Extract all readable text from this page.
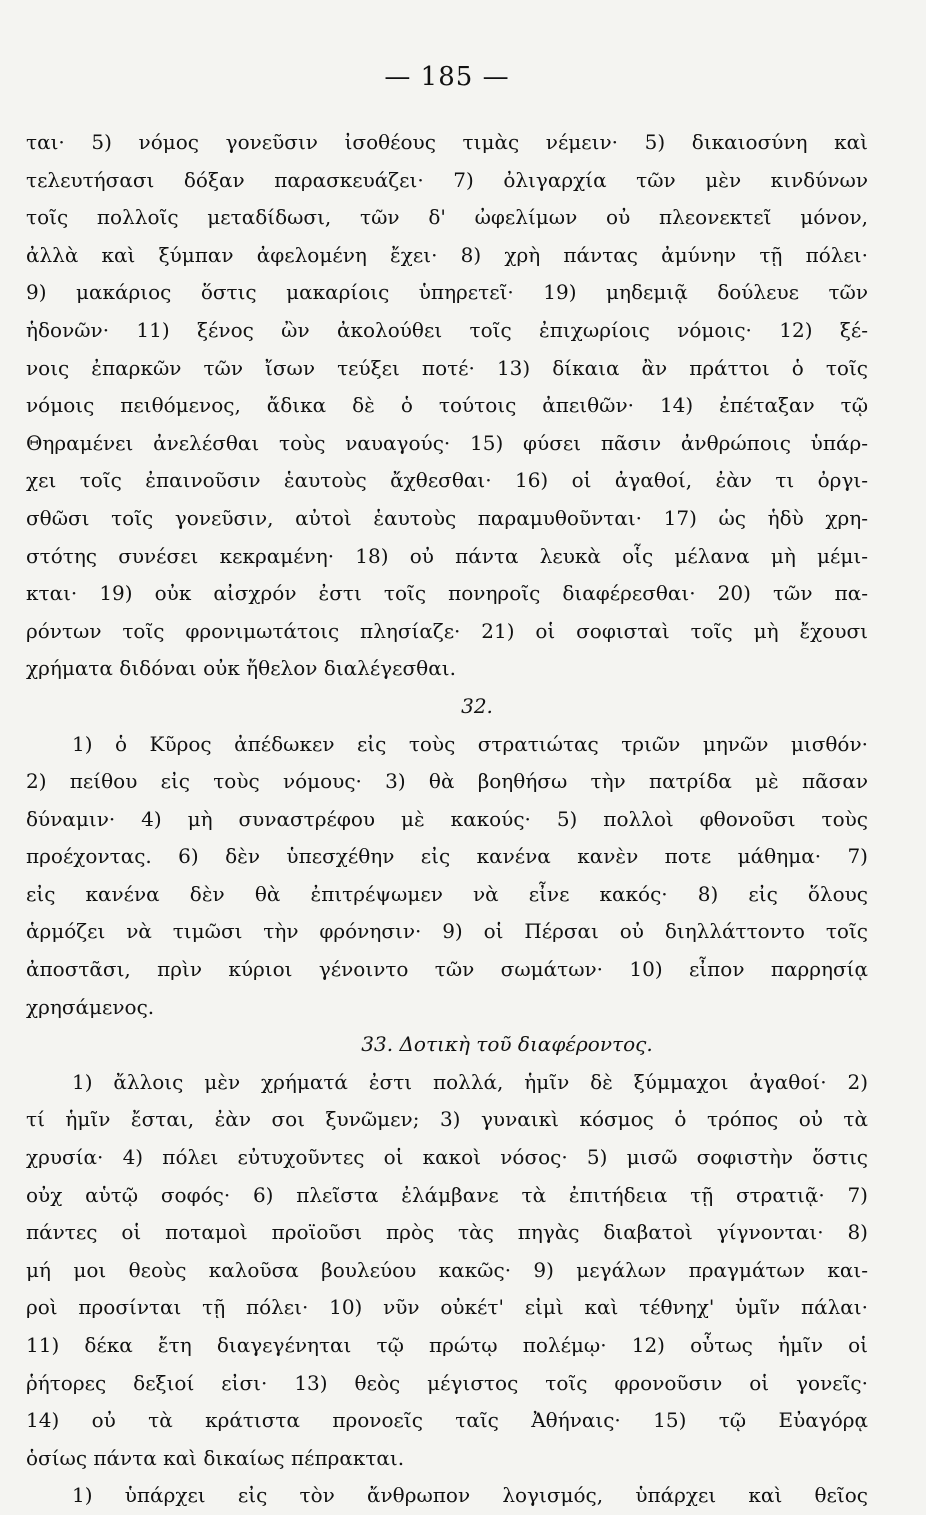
— 185 —
ται· 5) νόμος γονεῦσιν ἰσοθέους τιμὰς νέμειν· 5) δικαιοσύνη καὶ
τελευτήσασι δόξαν παρασκευάζει· 7) ὀλιγαρχία τῶν μὲν κινδύνων
τοῖς πολλοῖς μεταδίδωσι, τῶν δ' ὠφελίμων οὐ πλεονεκτεῖ μόνον,
ἀλλὰ καὶ ξύμπαν ἀφελομένη ἔχει· 8) χρὴ πάντας ἀμύνην τῇ πόλει·
9) μακάριος ὅστις μακαρίοις ὑπηρετεῖ· 19) μηδεμιᾷ δούλευε τῶν
ἡδονῶν· 11) ξένος ὢν ἀκολούθει τοῖς ἐπιχωρίοις νόμοις· 12) ξέ-
νοις ἐπαρκῶν τῶν ἴσων τεύξει ποτέ· 13) δίκαια ἂν πράττοι ὁ τοῖς
νόμοις πειθόμενος, ἄδικα δὲ ὁ τούτοις ἀπειθῶν· 14) ἐπέταξαν τῷ
Θηραμένει ἀνελέσθαι τοὺς ναυαγούς· 15) φύσει πᾶσιν ἀνθρώποις ὑπάρ-
χει τοῖς ἐπαινοῦσιν ἑαυτοὺς ἄχθεσθαι· 16) οἱ ἀγαθοί, ἐὰν τι ὀργι-
σθῶσι τοῖς γονεῦσιν, αὐτοὶ ἑαυτοὺς παραμυθοῦνται· 17) ὡς ἡδὺ χρη-
στότης συνέσει κεκραμένη· 18) οὐ πάντα λευκὰ οἷς μέλανα μὴ μέμι-
κται· 19) οὐκ αἰσχρόν ἐστι τοῖς πονηροῖς διαφέρεσθαι· 20) τῶν πα-
ρόντων τοῖς φρονιμωτάτοις πλησίαζε· 21) οἱ σοφισταὶ τοῖς μὴ ἔχουσι
χρήματα διδόναι οὐκ ἤθελον διαλέγεσθαι.
32.
1) ὁ Κῦρος ἀπέδωκεν εἰς τοὺς στρατιώτας τριῶν μηνῶν μισθόν·
2) πείθου εἰς τοὺς νόμους· 3) θὰ βοηθήσω τὴν πατρίδα μὲ πᾶσαν
δύναμιν· 4) μὴ συναστρέφου μὲ κακούς· 5) πολλοὶ φθονοῦσι τοὺς
προέχοντας. 6) δὲν ὑπεσχέθην εἰς κανένα κανὲν ποτε μάθημα· 7)
εἰς κανένα δὲν θὰ ἐπιτρέψωμεν νὰ εἶνε κακός· 8) εἰς ὅλους
ἁρμόζει νὰ τιμῶσι τὴν φρόνησιν· 9) οἱ Πέρσαι οὐ διηλλάττοντο τοῖς
ἀποστᾶσι, πρὶν κύριοι γένοιντο τῶν σωμάτων· 10) εἶπον παρρησίᾳ
χρησάμενος.
33. Δοτικὴ τοῦ διαφέροντος.
1) ἄλλοις μὲν χρήματά ἐστι πολλά, ἡμῖν δὲ ξύμμαχοι ἀγαθοί· 2)
τί ἡμῖν ἔσται, ἐὰν σοι ξυνῶμεν; 3) γυναικὶ κόσμος ὁ τρόπος οὐ τὰ
χρυσία· 4) πόλει εὐτυχοῦντες οἱ κακοὶ νόσος· 5) μισῶ σοφιστὴν ὅστις
οὐχ αὑτῷ σοφός· 6) πλεῖστα ἐλάμβανε τὰ ἐπιτήδεια τῇ στρατιᾷ· 7)
πάντες οἱ ποταμοὶ προϊοῦσι πρὸς τὰς πηγὰς διαβατοὶ γίγνονται· 8)
μή μοι θεοὺς καλοῦσα βουλεύου κακῶς· 9) μεγάλων πραγμάτων και-
ροὶ προσίνται τῇ πόλει· 10) νῦν οὐκέτ' εἰμὶ καὶ τέθνηχ' ὑμῖν πάλαι·
11) δέκα ἔτη διαγεγένηται τῷ πρώτῳ πολέμῳ· 12) οὗτως ἡμῖν οἱ
ῥήτορες δεξιοί εἰσι· 13) θεὸς μέγιστος τοῖς φρονοῦσιν οἱ γονεῖς·
14) οὐ τὰ κράτιστα προνοεῖς ταῖς Ἀθήναις· 15) τῷ Εὐαγόρᾳ
ὁσίως πάντα καὶ δικαίως πέπρακται.
1) ὑπάρχει εἰς τὸν ἄνθρωπον λογισμός, ὑπάρχει καὶ θεῖος
